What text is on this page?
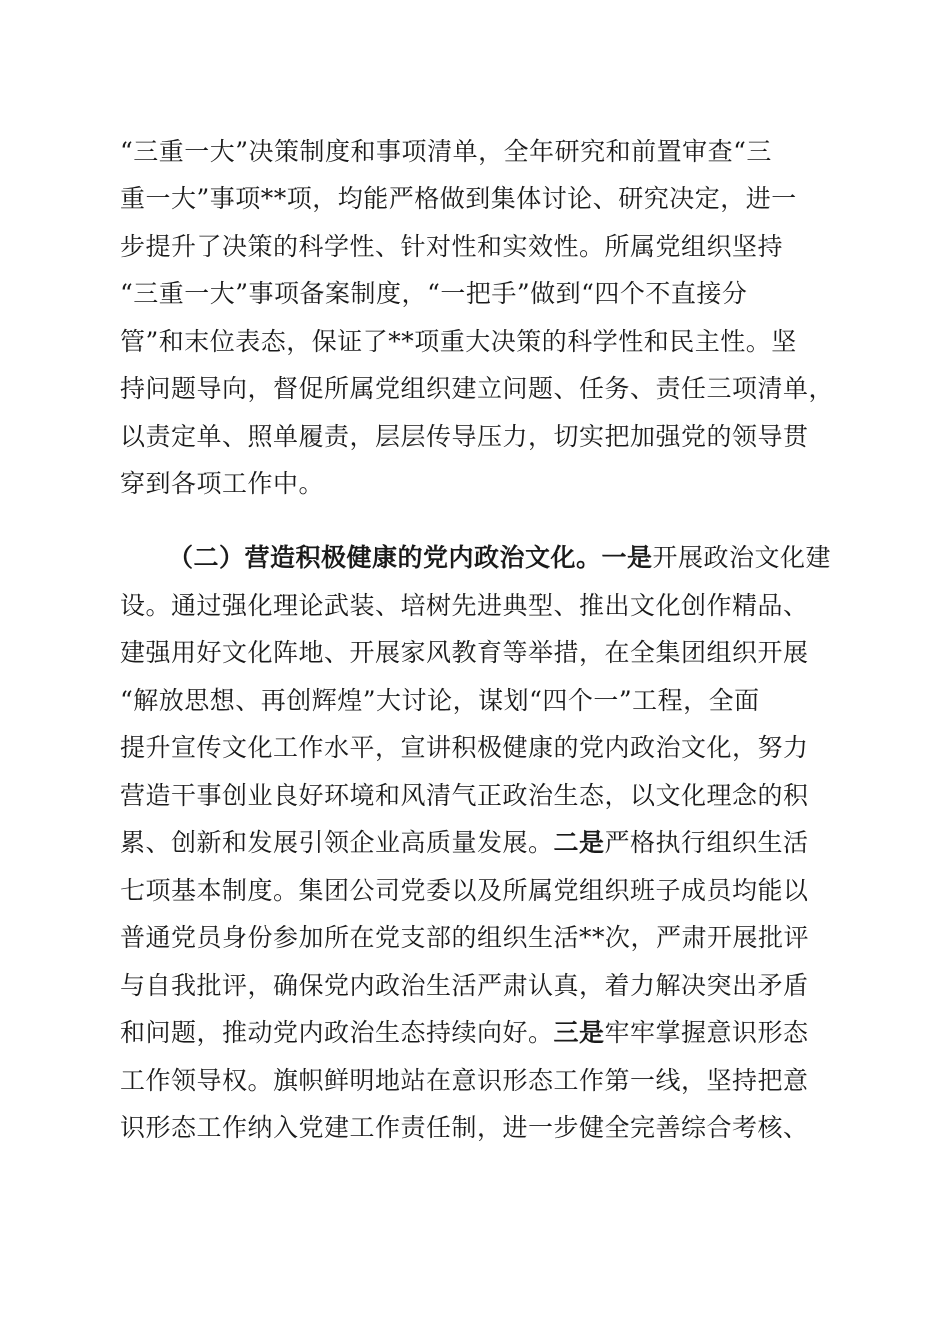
“三重一大”决策制度和事项清单，全年研究和前置审查“三
重一大”事项**项，均能严格做到集体讨论、研究决定，进一
步提升了决策的科学性、针对性和实效性。所属党组织坚持
“三重一大”事项备案制度，“一把手”做到“四个不直接分
管”和末位表态，保证了**项重大决策的科学性和民主性。坚
持问题导向，督促所属党组织建立问题、任务、责任三项清单，
以责定单、照单履责，层层传导压力，切实把加强党的领导贯
穿到各项工作中。
（二）营造积极健康的党内政治文化。一是开展政治文化建
设。通过强化理论武装、培树先进典型、推出文化创作精品、
建强用好文化阵地、开展家风教育等举措，在全集团组织开展
“解放思想、再创辉煌”大讨论，谋划“四个一”工程，全面
提升宣传文化工作水平，宣讲积极健康的党内政治文化，努力
营造干事创业良好环境和风清气正政治生态，以文化理念的积
累、创新和发展引领企业高质量发展。二是严格执行组织生活
七项基本制度。集团公司党委以及所属党组织班子成员均能以
普通党员身份参加所在党支部的组织生活**次，严肃开展批评
与自我批评，确保党内政治生活严肃认真，着力解决突出矛盾
和问题，推动党内政治生态持续向好。三是牢牢掌握意识形态
工作领导权。旗帜鲜明地站在意识形态工作第一线，坚持把意
识形态工作纳入党建工作责任制，进一步健全完善综合考核、
